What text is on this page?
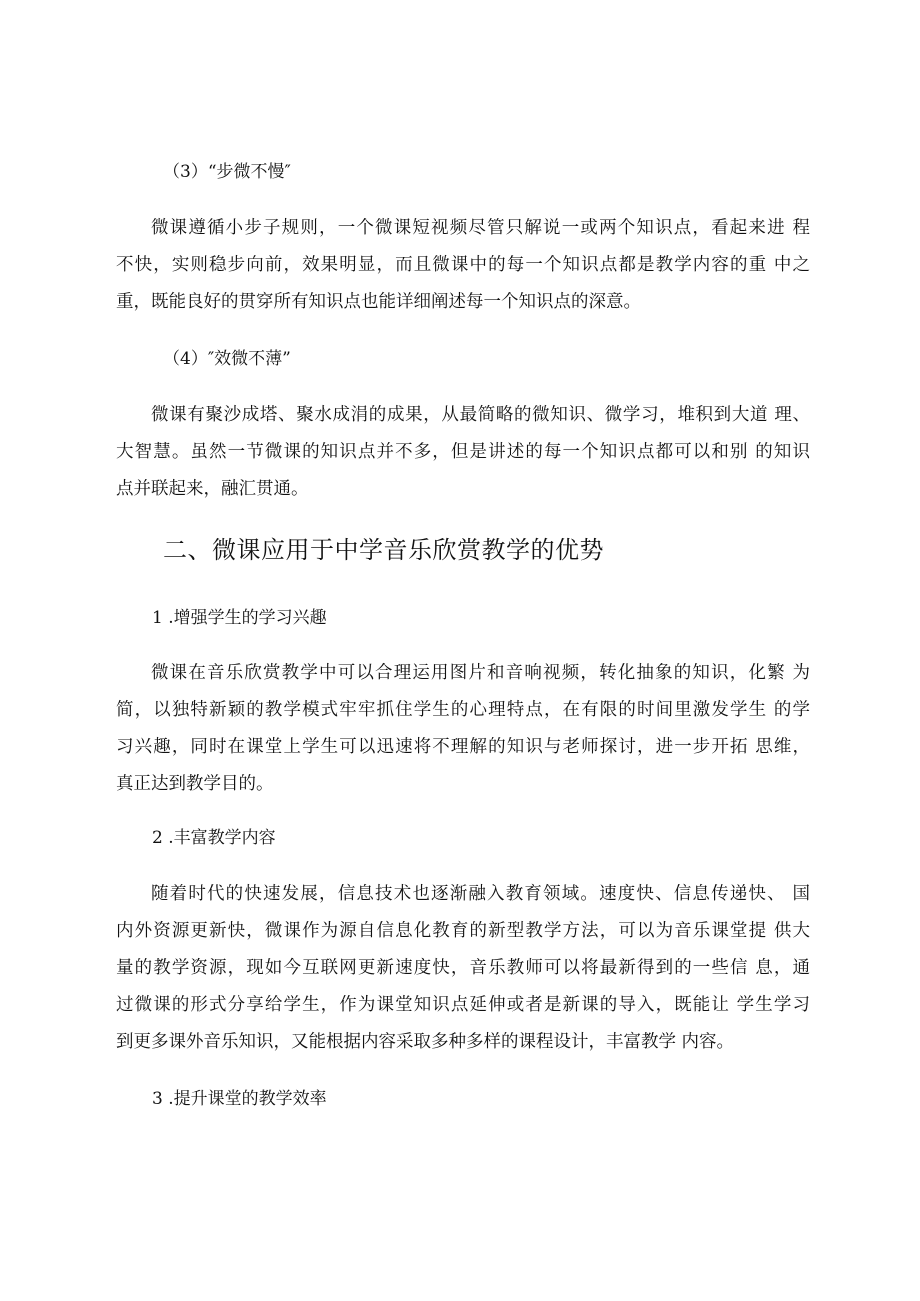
（3）“步微不慢″
微课遵循小步子规则，一个微课短视频尽管只解说一或两个知识点，看起来进 程
不快，实则稳步向前，效果明显，而且微课中的每一个知识点都是教学内容的重 中之
重，既能良好的贯穿所有知识点也能详细阐述每一个知识点的深意。
（4）″效微不薄”
微课有聚沙成塔、聚水成涓的成果，从最简略的微知识、微学习，堆积到大道 理、
大智慧。虽然一节微课的知识点并不多，但是讲述的每一个知识点都可以和别 的知识
点并联起来，融汇贯通。
二、微课应用于中学音乐欣赏教学的优势
1 .增强学生的学习兴趣
微课在音乐欣赏教学中可以合理运用图片和音响视频，转化抽象的知识，化繁 为
简，以独特新颖的教学模式牢牢抓住学生的心理特点，在有限的时间里激发学生 的学
习兴趣，同时在课堂上学生可以迅速将不理解的知识与老师探讨，进一步开拓 思维，
真正达到教学目的。
2 .丰富教学内容
随着时代的快速发展，信息技术也逐渐融入教育领域。速度快、信息传递快、 国
内外资源更新快，微课作为源自信息化教育的新型教学方法，可以为音乐课堂提 供大
量的教学资源，现如今互联网更新速度快，音乐教师可以将最新得到的一些信 息，通
过微课的形式分享给学生，作为课堂知识点延伸或者是新课的导入，既能让 学生学习
到更多课外音乐知识，又能根据内容采取多种多样的课程设计，丰富教学 内容。
3 .提升课堂的教学效率
